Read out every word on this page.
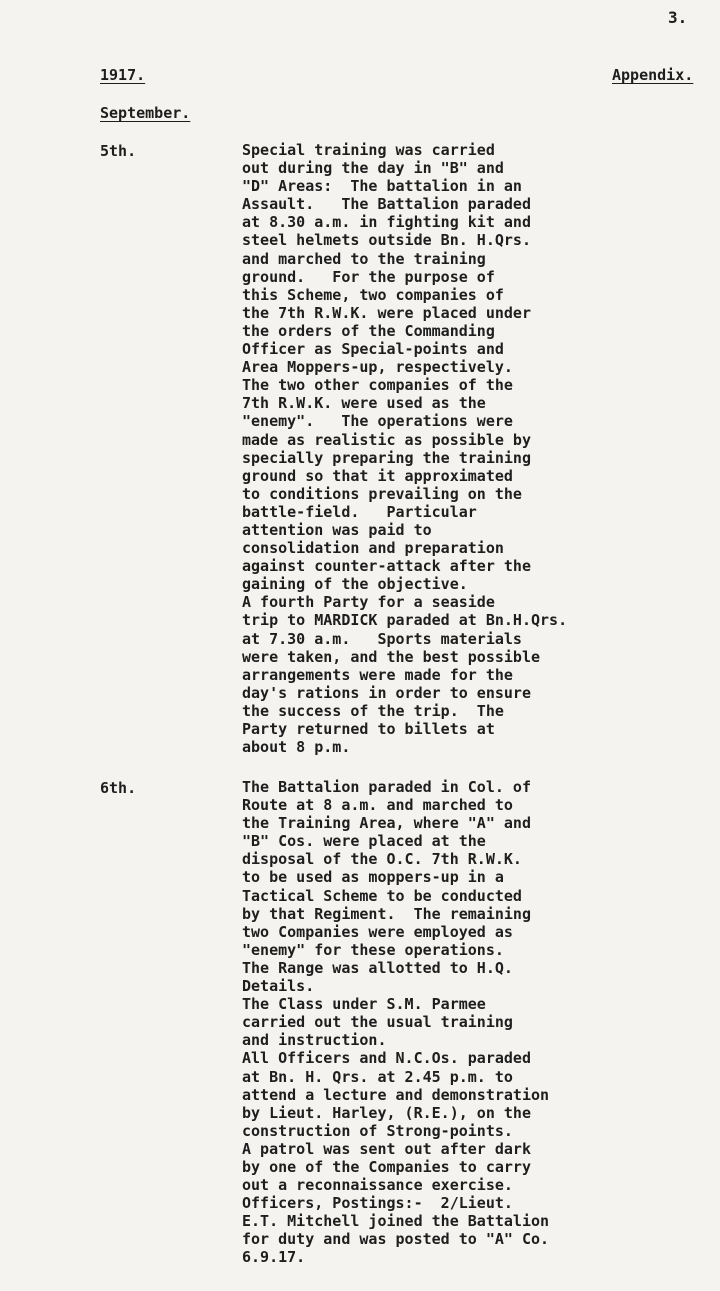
3.
1917.	Appendix.
September.
5th.	Special training was carried
out during the day in "B" and
"D" Areas:  The battalion in an
Assault.   The Battalion paraded
at 8.30 a.m. in fighting kit and
steel helmets outside Bn. H.Qrs.
and marched to the training
ground.   For the purpose of
this Scheme, two companies of
the 7th R.W.K. were placed under
the orders of the Commanding
Officer as Special-points and
Area Moppers-up, respectively.
The two other companies of the
7th R.W.K. were used as the
"enemy".   The operations were
made as realistic as possible by
specially preparing the training
ground so that it approximated
to conditions prevailing on the
battle-field.   Particular
attention was paid to
consolidation and preparation
against counter-attack after the
gaining of the objective.
A fourth Party for a seaside
trip to MARDICK paraded at Bn.H.Qrs.
at 7.30 a.m.   Sports materials
were taken, and the best possible
arrangements were made for the
day's rations in order to ensure
the success of the trip.  The
Party returned to billets at
about 8 p.m.
6th.	The Battalion paraded in Col. of
Route at 8 a.m. and marched to
the Training Area, where "A" and
"B" Cos. were placed at the
disposal of the O.C. 7th R.W.K.
to be used as moppers-up in a
Tactical Scheme to be conducted
by that Regiment.  The remaining
two Companies were employed as
"enemy" for these operations.
The Range was allotted to H.Q.
Details.
The Class under S.M. Parmee
carried out the usual training
and instruction.
All Officers and N.C.Os. paraded
at Bn. H. Qrs. at 2.45 p.m. to
attend a lecture and demonstration
by Lieut. Harley, (R.E.), on the
construction of Strong-points.
A patrol was sent out after dark
by one of the Companies to carry
out a reconnaissance exercise.
Officers, Postings:-  2/Lieut.
E.T. Mitchell joined the Battalion
for duty and was posted to "A" Co.
6.9.17.
